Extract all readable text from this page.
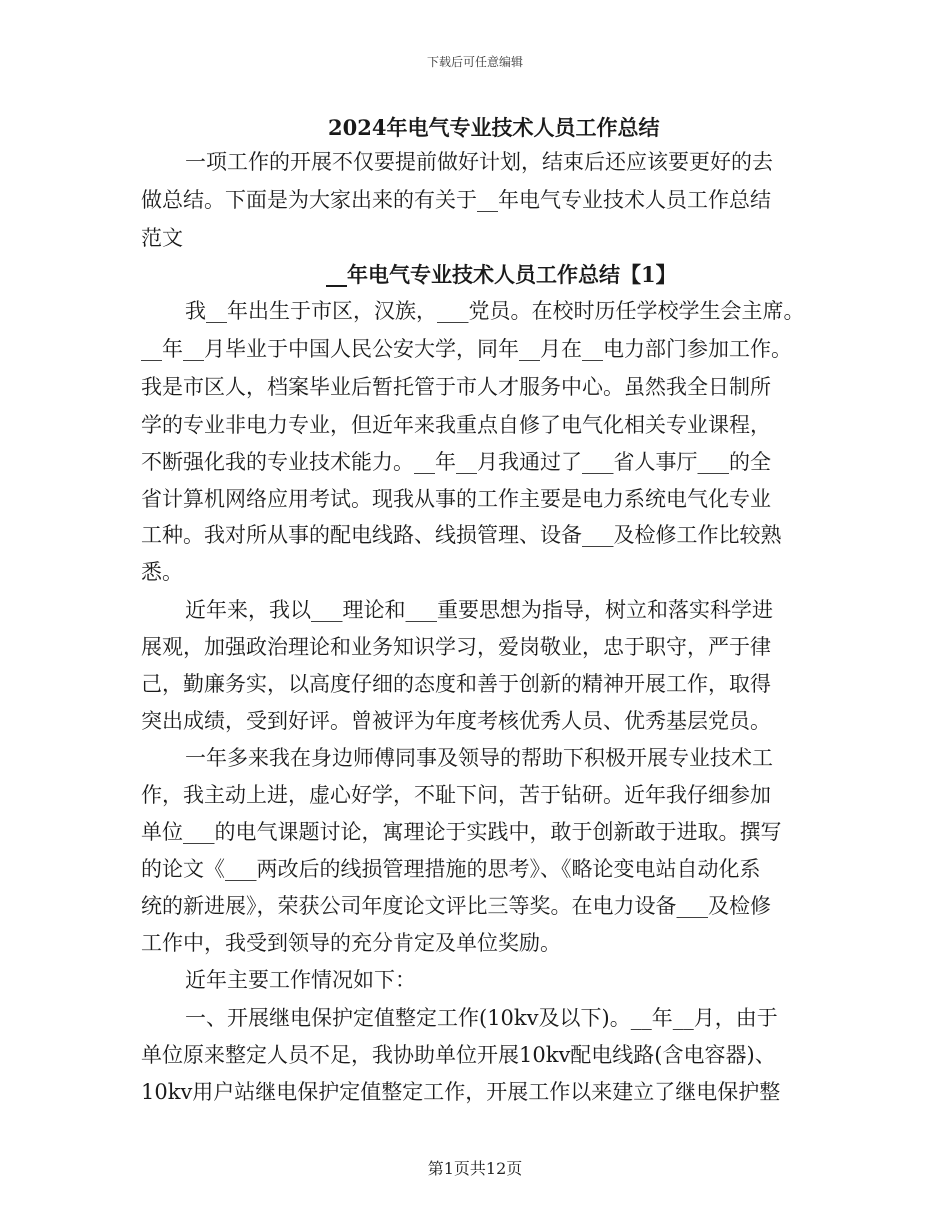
下载后可任意编辑
2024年电气专业技术人员工作总结
一项工作的开展不仅要提前做好计划，结束后还应该要更好的去
做总结。下面是为大家出来的有关于__年电气专业技术人员工作总结
范文
__年电气专业技术人员工作总结【1】
我__年出生于市区，汉族，___党员。在校时历任学校学生会主席。
__年__月毕业于中国人民公安大学，同年__月在__电力部门参加工作。
我是市区人，档案毕业后暂托管于市人才服务中心。虽然我全日制所
学的专业非电力专业，但近年来我重点自修了电气化相关专业课程，
不断强化我的专业技术能力。__年__月我通过了___省人事厅___的全
省计算机网络应用考试。现我从事的工作主要是电力系统电气化专业
工种。我对所从事的配电线路、线损管理、设备___及检修工作比较熟
悉。
近年来，我以___理论和___重要思想为指导，树立和落实科学进
展观，加强政治理论和业务知识学习，爱岗敬业，忠于职守，严于律
己，勤廉务实，以高度仔细的态度和善于创新的精神开展工作，取得
突出成绩，受到好评。曾被评为年度考核优秀人员、优秀基层党员。
一年多来我在身边师傅同事及领导的帮助下积极开展专业技术工
作，我主动上进，虚心好学，不耻下问，苦于钻研。近年我仔细参加
单位___的电气课题讨论，寓理论于实践中，敢于创新敢于进取。撰写
的论文《___两改后的线损管理措施的思考》、《略论变电站自动化系
统的新进展》，荣获公司年度论文评比三等奖。在电力设备___及检修
工作中，我受到领导的充分肯定及单位奖励。
近年主要工作情况如下：
一、开展继电保护定值整定工作(10kv及以下)。__年__月，由于
单位原来整定人员不足，我协助单位开展10kv配电线路(含电容器)、
10kv用户站继电保护定值整定工作，开展工作以来建立了继电保护整
第1页共12页
